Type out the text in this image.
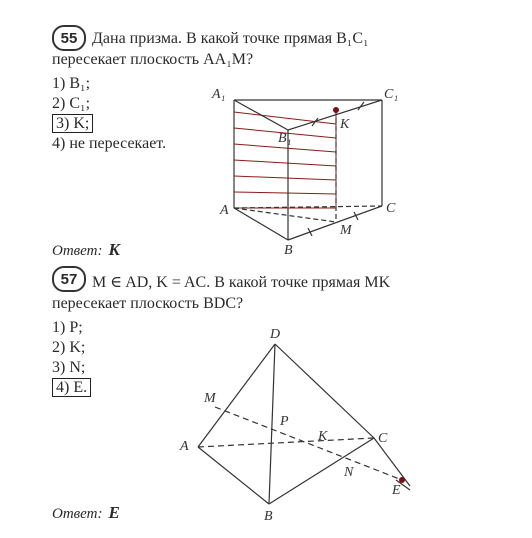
55 Дана призма. В какой точке прямая B₁C₁
пересекает плоскость AA₁M?
1) B₁;
2) C₁;
3) K;
4) не пересекает.
A₁	C₁
B₁
K
A	C
B
M
Ответ: K
57 M ∈ AD, K = AC. В какой точке прямая MK
пересекает плоскость BDC?
1) P;
2) K;
3) N;
4) E.
D
M
P
K
A
C
N
E
B
Ответ: E
